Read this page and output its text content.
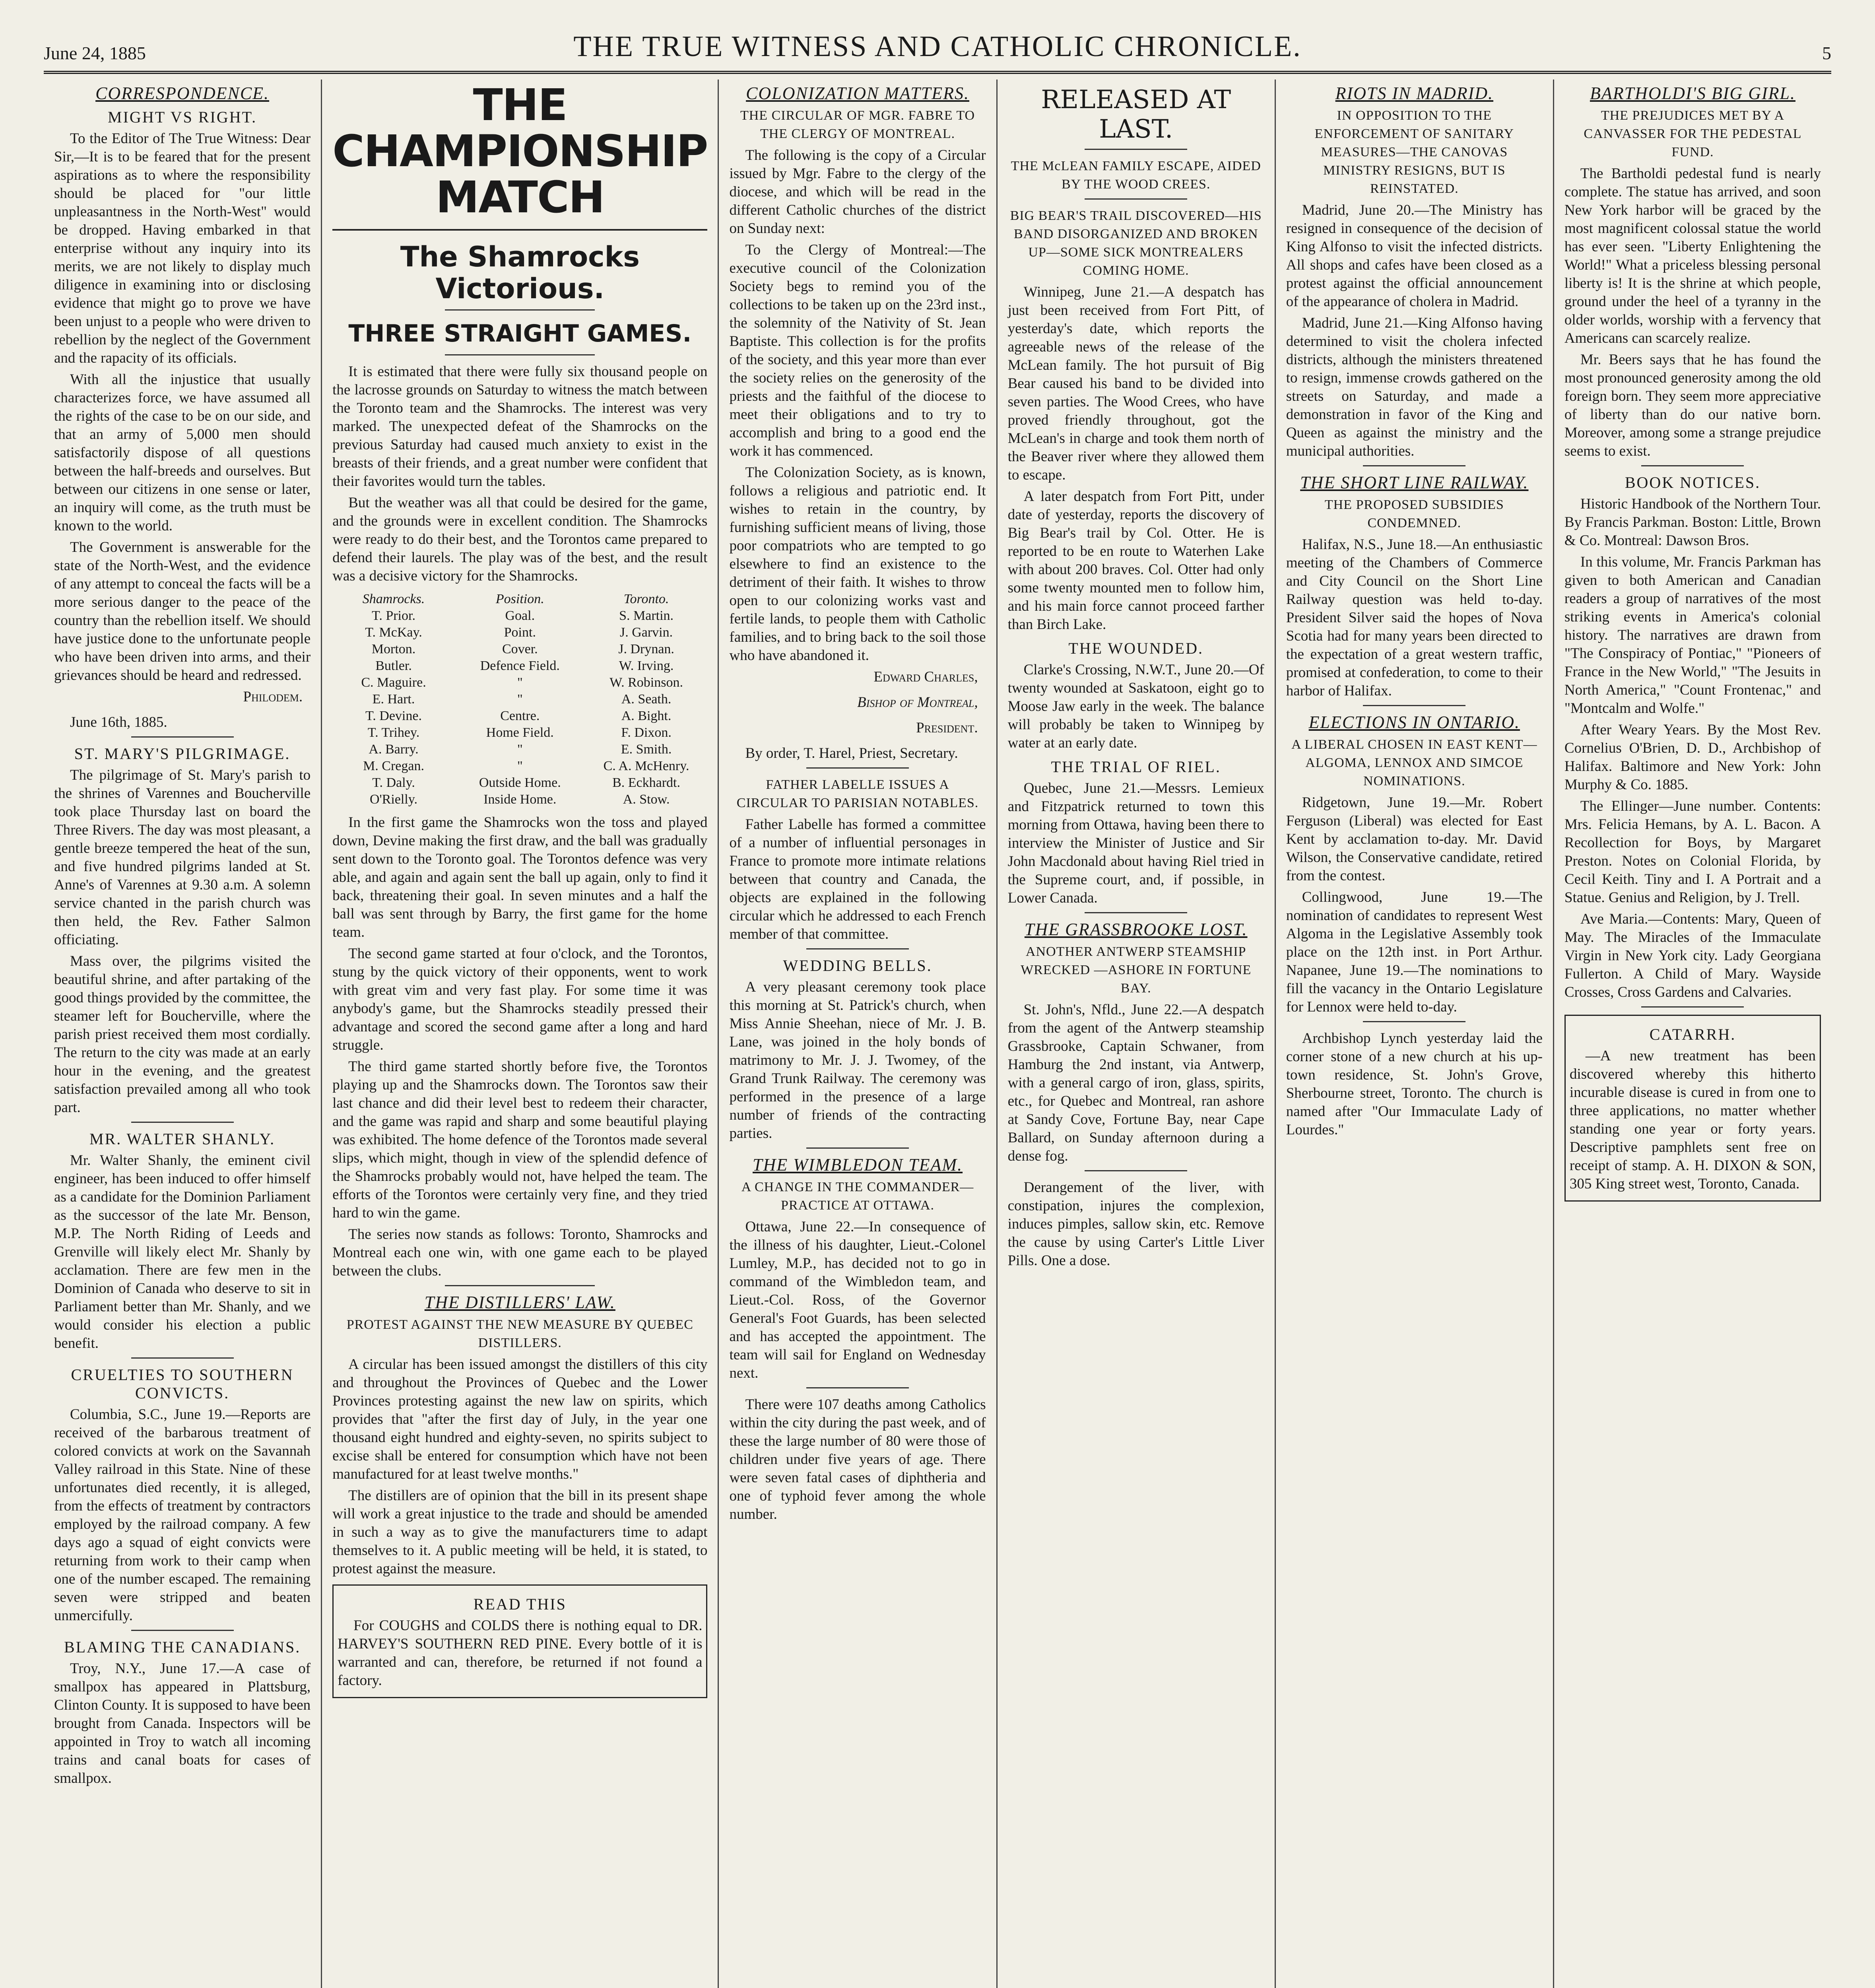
June 24, 1885	THE TRUE WITNESS AND CATHOLIC CHRONICLE.	5
CORRESPONDENCE.
MIGHT VS RIGHT.

To the Editor of The True Witness: Dear Sir,—It is to be feared that for the present aspirations as to where the responsibility should be placed for "our little unpleasantness in the North-West" would be dropped. Having embarked in that enterprise without any inquiry into its merits, we are not likely to display much diligence in examining into or disclosing evidence that might go to prove we have been unjust to a people who were driven to rebellion by the neglect of the Government and the rapacity of its officials.

With all the injustice that usually characterizes force, we have assumed all the rights of the case to be on our side, and that an army of 5,000 men should satisfactorily dispose of all questions between the half-breeds and ourselves. But between our citizens in one sense or later, an inquiry will come, as the truth must be known to the world.

The Government is answerable for the state of the North-West, and the evidence of any attempt to conceal the facts will be a more serious danger to the peace of the country than the rebellion itself. We should have justice done to the unfortunate people who have been driven into arms, and their grievances should be heard and redressed.

Philodem.

June 16th, 1885.

ST. MARY'S PILGRIMAGE.

The pilgrimage of St. Mary's parish to the shrines of Varennes and Boucherville took place Thursday last on board the Three Rivers. The day was most pleasant, a gentle breeze tempered the heat of the sun, and five hundred pilgrims landed at St. Anne's of Varennes at 9.30 a.m. A solemn service chanted in the parish church was then held, the Rev. Father Salmon officiating.

Mass over, the pilgrims visited the beautiful shrine, and after partaking of the good things provided by the committee, the steamer left for Boucherville, where the parish priest received them most cordially. The return to the city was made at an early hour in the evening, and the greatest satisfaction prevailed among all who took part.

MR. WALTER SHANLY.

Mr. Walter Shanly, the eminent civil engineer, has been induced to offer himself as a candidate for the Dominion Parliament as the successor of the late Mr. Benson, M.P. The North Riding of Leeds and Grenville will likely elect Mr. Shanly by acclamation. There are few men in the Dominion of Canada who deserve to sit in Parliament better than Mr. Shanly, and we would consider his election a public benefit.

CRUELTIES TO SOUTHERN CONVICTS.

Columbia, S.C., June 19.—Reports are received of the barbarous treatment of colored convicts at work on the Savannah Valley railroad in this State. Nine of these unfortunates died recently, it is alleged, from the effects of treatment by contractors employed by the railroad company. A few days ago a squad of eight convicts were returning from work to their camp when one of the number escaped. The remaining seven were stripped and beaten unmercifully.

BLAMING THE CANADIANS.

Troy, N.Y., June 17.—A case of smallpox has appeared in Plattsburg, Clinton County. It is supposed to have been brought from Canada. Inspectors will be appointed in Troy to watch all incoming trains and canal boats for cases of smallpox.

THE CHAMPIONSHIP MATCH
The Shamrocks Victorious.
THREE STRAIGHT GAMES.

It is estimated that there were fully six thousand people on the lacrosse grounds on Saturday to witness the match between the Toronto team and the Shamrocks. The interest was very marked. The unexpected defeat of the Shamrocks on the previous Saturday had caused much anxiety to exist in the breasts of their friends, and a great number were confident that their favorites would turn the tables.

But the weather was all that could be desired for the game, and the grounds were in excellent condition. The Shamrocks were ready to do their best, and the Torontos came prepared to defend their laurels. The play was of the best, and the result was a decisive victory for the Shamrocks.

Shamrocks.	Position.	Toronto.
T. Prior.	Goal.	S. Martin.
T. McKay.	Point.	J. Garvin.
Morton.	Cover.	J. Drynan.
Butler.	Defence Field.	W. Irving.
C. Maguire.	"	W. Robinson.
E. Hart.	"	A. Seath.
T. Devine.	Centre.	A. Bight.
T. Trihey.	Home Field.	F. Dixon.
A. Barry.	"	E. Smith.
M. Cregan.	"	C. A. McHenry.
T. Daly.	Outside Home.	B. Eckhardt.
O'Rielly.	Inside Home.	A. Stow.

In the first game the Shamrocks won the toss and played down, Devine making the first draw, and the ball was gradually sent down to the Toronto goal. The Torontos defence was very able, and again and again sent the ball up again, only to find it back, threatening their goal. In seven minutes and a half the ball was sent through by Barry, the first game for the home team.

The second game started at four o'clock, and the Torontos, stung by the quick victory of their opponents, went to work with great vim and very fast play. For some time it was anybody's game, but the Shamrocks steadily pressed their advantage and scored the second game after a long and hard struggle.

The third game started shortly before five, the Torontos playing up and the Shamrocks down. The Torontos saw their last chance and did their level best to redeem their character, and the game was rapid and sharp and some beautiful playing was exhibited. The home defence of the Torontos made several slips, which might, though in view of the splendid defence of the Shamrocks probably would not, have helped the team. The efforts of the Torontos were certainly very fine, and they tried hard to win the game.

The series now stands as follows: Toronto, Shamrocks and Montreal each one win, with one game each to be played between the clubs.

THE DISTILLERS' LAW.
PROTEST AGAINST THE NEW MEASURE BY QUEBEC DISTILLERS.

A circular has been issued amongst the distillers of this city and throughout the Provinces of Quebec and the Lower Provinces protesting against the new law on spirits, which provides that "after the first day of July, in the year one thousand eight hundred and eighty-seven, no spirits subject to excise shall be entered for consumption which have not been manufactured for at least twelve months."

The distillers are of opinion that the bill in its present shape will work a great injustice to the trade and should be amended in such a way as to give the manufacturers time to adapt themselves to it. A public meeting will be held, it is stated, to protest against the measure.

READ THIS

For COUGHS and COLDS there is nothing equal to DR. HARVEY'S SOUTHERN RED PINE. Every bottle of it is warranted and can, therefore, be returned if not found a factory.

COLONIZATION MATTERS.
THE CIRCULAR OF MGR. FABRE TO THE CLERGY OF MONTREAL.

The following is the copy of a Circular issued by Mgr. Fabre to the clergy of the diocese, and which will be read in the different Catholic churches of the district on Sunday next:

To the Clergy of Montreal:—The executive council of the Colonization Society begs to remind you of the collections to be taken up on the 23rd inst., the solemnity of the Nativity of St. Jean Baptiste. This collection is for the profits of the society, and this year more than ever the society relies on the generosity of the priests and the faithful of the diocese to meet their obligations and to try to accomplish and bring to a good end the work it has commenced.

The Colonization Society, as is known, follows a religious and patriotic end. It wishes to retain in the country, by furnishing sufficient means of living, those poor compatriots who are tempted to go elsewhere to find an existence to the detriment of their faith. It wishes to throw open to our colonizing works vast and fertile lands, to people them with Catholic families, and to bring back to the soil those who have abandoned it.

Edward Charles,
Bishop of Montreal,
President.

By order, T. Harel, Priest, Secretary.

FATHER LABELLE ISSUES A CIRCULAR TO PARISIAN NOTABLES.

Father Labelle has formed a committee of a number of influential personages in France to promote more intimate relations between that country and Canada, the objects are explained in the following circular which he addressed to each French member of that committee.

WEDDING BELLS.

A very pleasant ceremony took place this morning at St. Patrick's church, when Miss Annie Sheehan, niece of Mr. J. B. Lane, was joined in the holy bonds of matrimony to Mr. J. J. Twomey, of the Grand Trunk Railway. The ceremony was performed in the presence of a large number of friends of the contracting parties.

THE WIMBLEDON TEAM.
A CHANGE IN THE COMMANDER—PRACTICE AT OTTAWA.

Ottawa, June 22.—In consequence of the illness of his daughter, Lieut.-Colonel Lumley, M.P., has decided not to go in command of the Wimbledon team, and Lieut.-Col. Ross, of the Governor General's Foot Guards, has been selected and has accepted the appointment. The team will sail for England on Wednesday next.

There were 107 deaths among Catholics within the city during the past week, and of these the large number of 80 were those of children under five years of age. There were seven fatal cases of diphtheria and one of typhoid fever among the whole number.

RELEASED AT LAST.
THE McLEAN FAMILY ESCAPE, AIDED BY THE WOOD CREES.
BIG BEAR'S TRAIL DISCOVERED—HIS BAND DISORGANIZED AND BROKEN UP—SOME SICK MONTREALERS COMING HOME.

Winnipeg, June 21.—A despatch has just been received from Fort Pitt, of yesterday's date, which reports the agreeable news of the release of the McLean family. The hot pursuit of Big Bear caused his band to be divided into seven parties. The Wood Crees, who have proved friendly throughout, got the McLean's in charge and took them north of the Beaver river where they allowed them to escape.

A later despatch from Fort Pitt, under date of yesterday, reports the discovery of Big Bear's trail by Col. Otter. He is reported to be en route to Waterhen Lake with about 200 braves. Col. Otter had only some twenty mounted men to follow him, and his main force cannot proceed farther than Birch Lake.

THE WOUNDED.

Clarke's Crossing, N.W.T., June 20.—Of twenty wounded at Saskatoon, eight go to Moose Jaw early in the week. The balance will probably be taken to Winnipeg by water at an early date.

THE TRIAL OF RIEL.

Quebec, June 21.—Messrs. Lemieux and Fitzpatrick returned to town this morning from Ottawa, having been there to interview the Minister of Justice and Sir John Macdonald about having Riel tried in the Supreme court, and, if possible, in Lower Canada.

THE GRASSBROOKE LOST.
ANOTHER ANTWERP STEAMSHIP WRECKED —ASHORE IN FORTUNE BAY.

St. John's, Nfld., June 22.—A despatch from the agent of the Antwerp steamship Grassbrooke, Captain Schwaner, from Hamburg the 2nd instant, via Antwerp, with a general cargo of iron, glass, spirits, etc., for Quebec and Montreal, ran ashore at Sandy Cove, Fortune Bay, near Cape Ballard, on Sunday afternoon during a dense fog.

Derangement of the liver, with constipation, injures the complexion, induces pimples, sallow skin, etc. Remove the cause by using Carter's Little Liver Pills. One a dose.

RIOTS IN MADRID.
IN OPPOSITION TO THE ENFORCEMENT OF SANITARY MEASURES—THE CANOVAS MINISTRY RESIGNS, BUT IS REINSTATED.

Madrid, June 20.—The Ministry has resigned in consequence of the decision of King Alfonso to visit the infected districts. All shops and cafes have been closed as a protest against the official announcement of the appearance of cholera in Madrid.

Madrid, June 21.—King Alfonso having determined to visit the cholera infected districts, although the ministers threatened to resign, immense crowds gathered on the streets on Saturday, and made a demonstration in favor of the King and Queen as against the ministry and the municipal authorities.

THE SHORT LINE RAILWAY.
THE PROPOSED SUBSIDIES CONDEMNED.

Halifax, N.S., June 18.—An enthusiastic meeting of the Chambers of Commerce and City Council on the Short Line Railway question was held to-day. President Silver said the hopes of Nova Scotia had for many years been directed to the expectation of a great western traffic, promised at confederation, to come to their harbor of Halifax.

ELECTIONS IN ONTARIO.
A LIBERAL CHOSEN IN EAST KENT—ALGOMA, LENNOX AND SIMCOE NOMINATIONS.

Ridgetown, June 19.—Mr. Robert Ferguson (Liberal) was elected for East Kent by acclamation to-day. Mr. David Wilson, the Conservative candidate, retired from the contest.

Collingwood, June 19.—The nomination of candidates to represent West Algoma in the Legislative Assembly took place on the 12th inst. in Port Arthur. Napanee, June 19.—The nominations to fill the vacancy in the Ontario Legislature for Lennox were held to-day.

Archbishop Lynch yesterday laid the corner stone of a new church at his up-town residence, St. John's Grove, Sherbourne street, Toronto. The church is named after "Our Immaculate Lady of Lourdes."

BARTHOLDI'S BIG GIRL.
THE PREJUDICES MET BY A CANVASSER FOR THE PEDESTAL FUND.

The Bartholdi pedestal fund is nearly complete. The statue has arrived, and soon New York harbor will be graced by the most magnificent colossal statue the world has ever seen. "Liberty Enlightening the World!" What a priceless blessing personal liberty is! It is the shrine at which people, ground under the heel of a tyranny in the older worlds, worship with a fervency that Americans can scarcely realize.

Mr. Beers says that he has found the most pronounced generosity among the old foreign born. They seem more appreciative of liberty than do our native born. Moreover, among some a strange prejudice seems to exist.

BOOK NOTICES.

Historic Handbook of the Northern Tour. By Francis Parkman. Boston: Little, Brown & Co. Montreal: Dawson Bros.

In this volume, Mr. Francis Parkman has given to both American and Canadian readers a group of narratives of the most striking events in America's colonial history. The narratives are drawn from "The Conspiracy of Pontiac," "Pioneers of France in the New World," "The Jesuits in North America," "Count Frontenac," and "Montcalm and Wolfe."

After Weary Years. By the Most Rev. Cornelius O'Brien, D. D., Archbishop of Halifax. Baltimore and New York: John Murphy & Co. 1885.

The Ellinger—June number. Contents: Mrs. Felicia Hemans, by A. L. Bacon. A Recollection for Boys, by Margaret Preston. Notes on Colonial Florida, by Cecil Keith. Tiny and I. A Portrait and a Statue. Genius and Religion, by J. Trell.

Ave Maria.—Contents: Mary, Queen of May. The Miracles of the Immaculate Virgin in New York city. Lady Georgiana Fullerton. A Child of Mary. Wayside Crosses, Cross Gardens and Calvaries.

CATARRH.

—A new treatment has been discovered whereby this hitherto incurable disease is cured in from one to three applications, no matter whether standing one year or forty years. Descriptive pamphlets sent free on receipt of stamp. A. H. DIXON & SON, 305 King street west, Toronto, Canada.
